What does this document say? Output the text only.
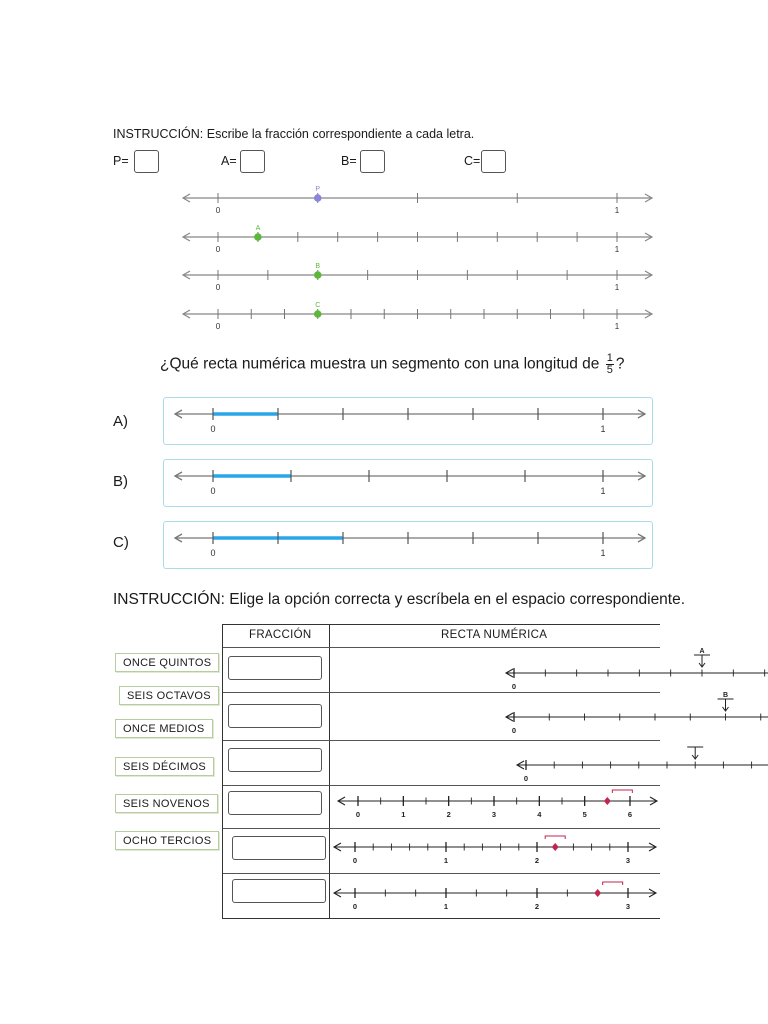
INSTRUCCIÓN: Escribe la fracción correspondiente a cada letra.
P=	A=	B=	C=
0	1
P
0	1
A
0	1
B
0	1
C
¿Qué recta numérica muestra un segmento con una longitud de $\frac{1}{5}$ ?
A)	0	1
B)
0	1
C)
0	1
INSTRUCCIÓN: Elige la opción correcta y escríbela en el espacio correspondiente.
ONCE QUINTOS
SEIS OCTAVOS
ONCE MEDIOS
SEIS DÉCIMOS
SEIS NOVENOS
OCHO TERCIOS
FRACCIÓN	RECTA NUMÉRICA
0
A
0
B
0
0	1	2	3	4	5	6
0	1	2	3
0	1	2	3
